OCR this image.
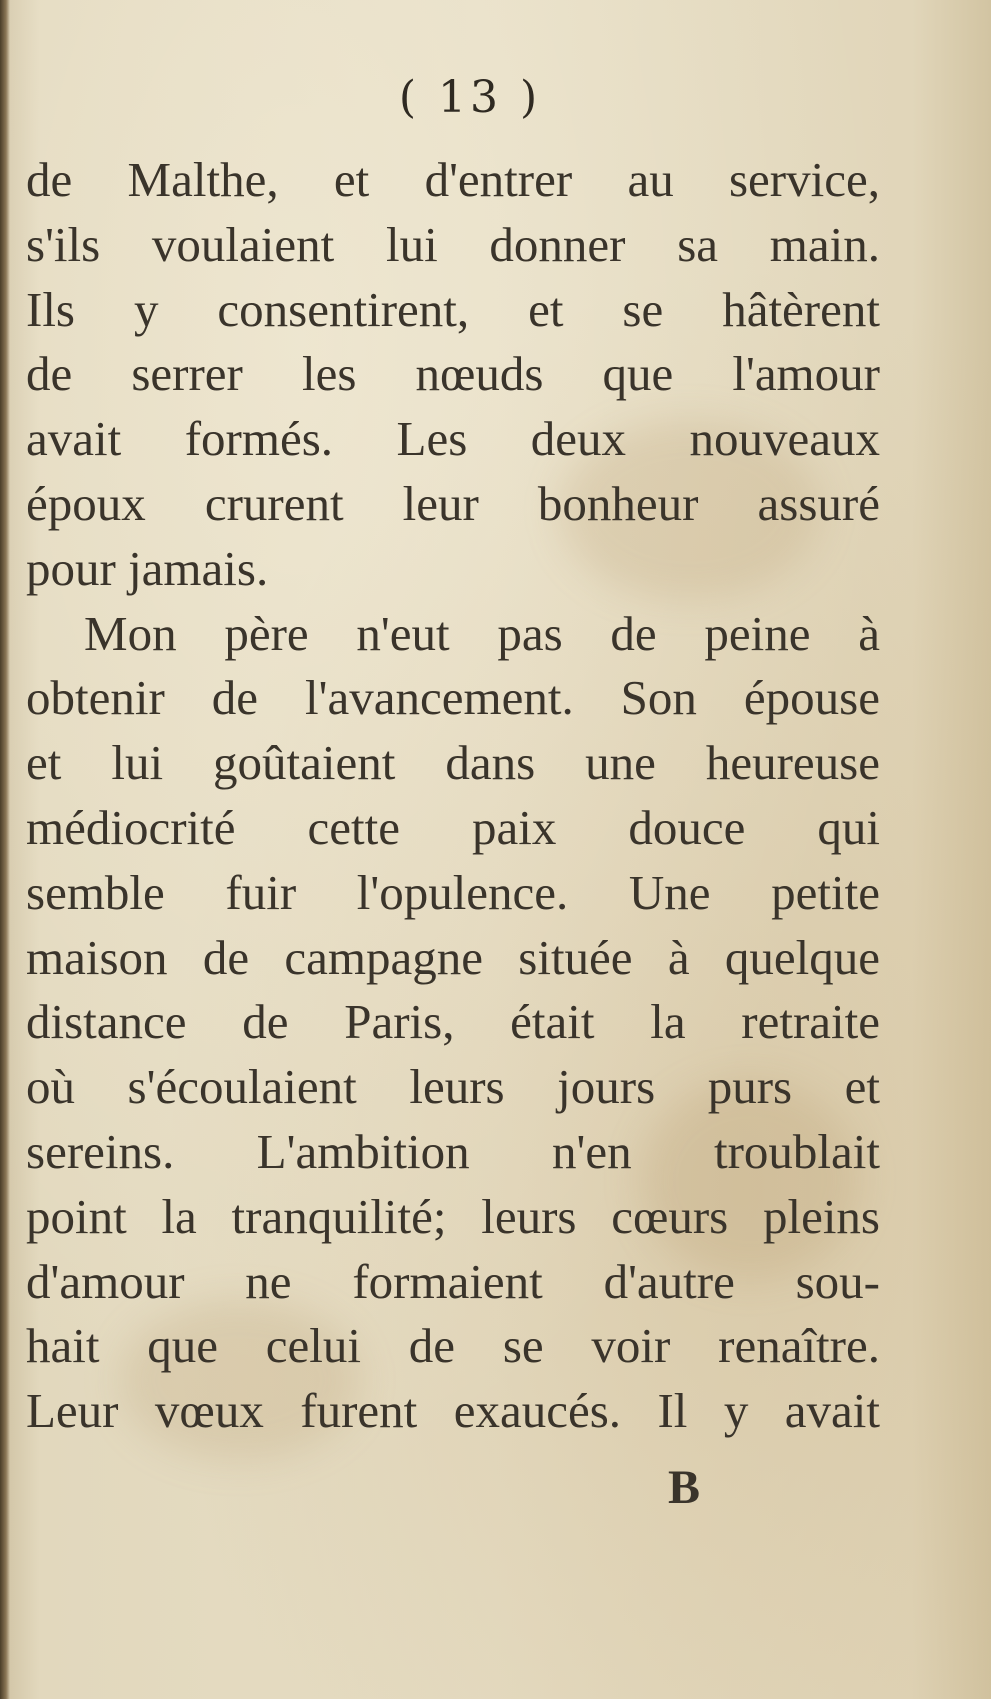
( 13 )
de Malthe, et d'entrer au service,
s'ils voulaient lui donner sa main.
Ils y consentirent, et se hâtèrent
de serrer les nœuds que l'amour
avait formés. Les deux nouveaux
époux crurent leur bonheur assuré
pour jamais.
Mon père n'eut pas de peine à
obtenir de l'avancement. Son épouse
et lui goûtaient dans une heureuse
médiocrité cette paix douce qui
semble fuir l'opulence. Une petite
maison de campagne située à quelque
distance de Paris, était la retraite
où s'écoulaient leurs jours purs et
sereins. L'ambition n'en troublait
point la tranquilité; leurs cœurs pleins
d'amour ne formaient d'autre sou-
hait que celui de se voir renaître.
Leur vœux furent exaucés. Il y avait
B
